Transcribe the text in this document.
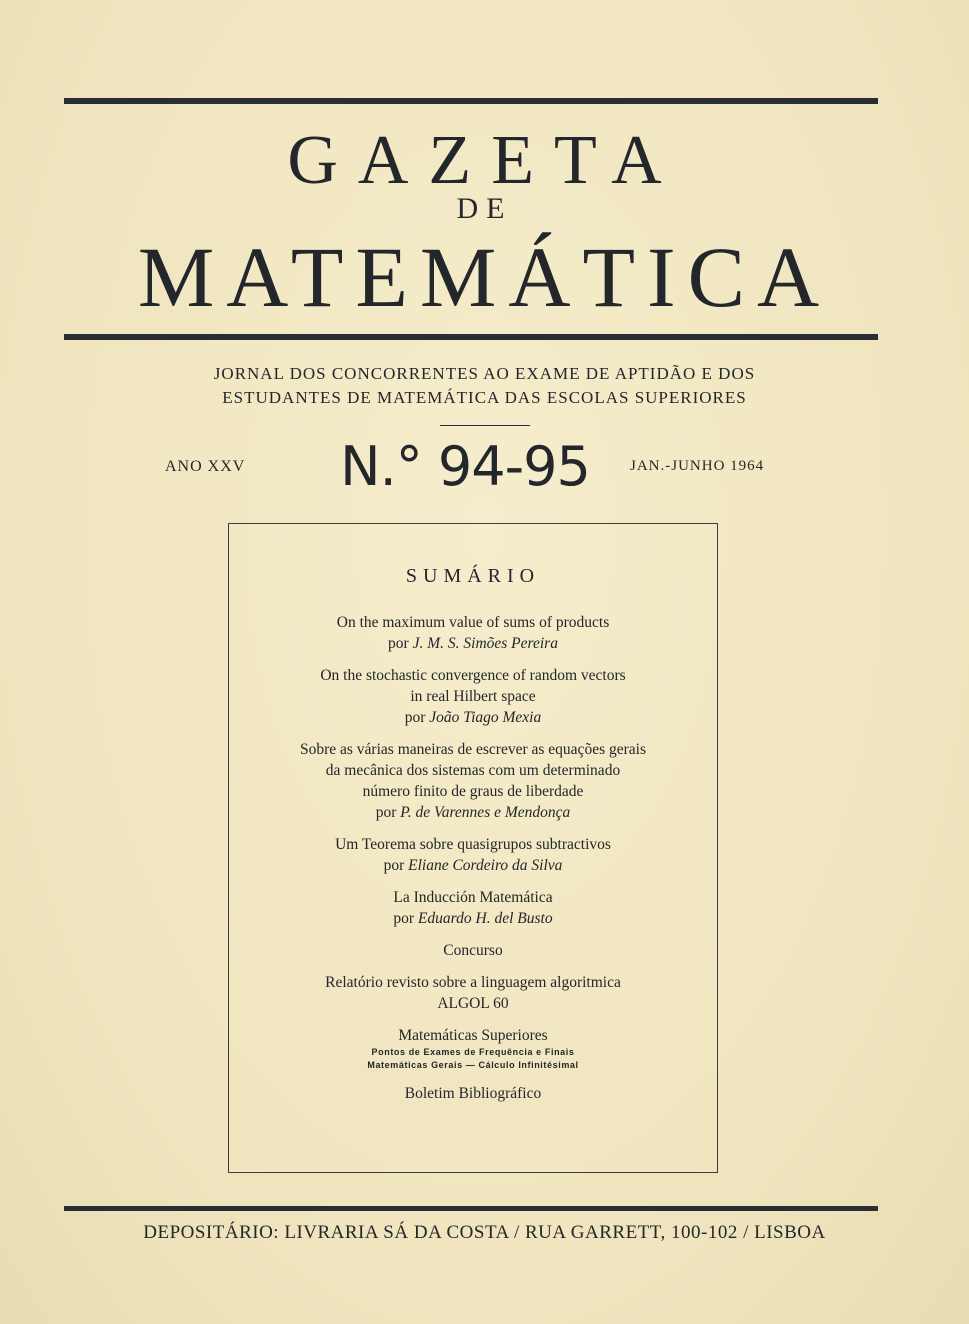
GAZETA
DE
MATEMÁTICA
JORNAL DOS CONCORRENTES AO EXAME DE APTIDÃO E DOS
ESTUDANTES DE MATEMÁTICA DAS ESCOLAS SUPERIORES
ANO XXV N.° 94-95	JAN.-JUNHO 1964
SUMÁRIO
On the maximum value of sums of products
por J. M. S. Simões Pereira
On the stochastic convergence of random vectors
in real Hilbert space
por João Tiago Mexia
Sobre as várias maneiras de escrever as equações gerais
da mecânica dos sistemas com um determinado
número finito de graus de liberdade
por P. de Varennes e Mendonça
Um Teorema sobre quasigrupos subtractivos
por Eliane Cordeiro da Silva
La Inducción Matemática
por Eduardo H. del Busto
Concurso
Relatório revisto sobre a linguagem algoritmica
ALGOL 60
Matemáticas Superiores
Pontos de Exames de Frequência e Finais
Matemáticas Gerais — Cálculo Infinitésimal
Boletim Bibliográfico
DEPOSITÁRIO: LIVRARIA SÁ DA COSTA / RUA GARRETT, 100-102 / LISBOA
